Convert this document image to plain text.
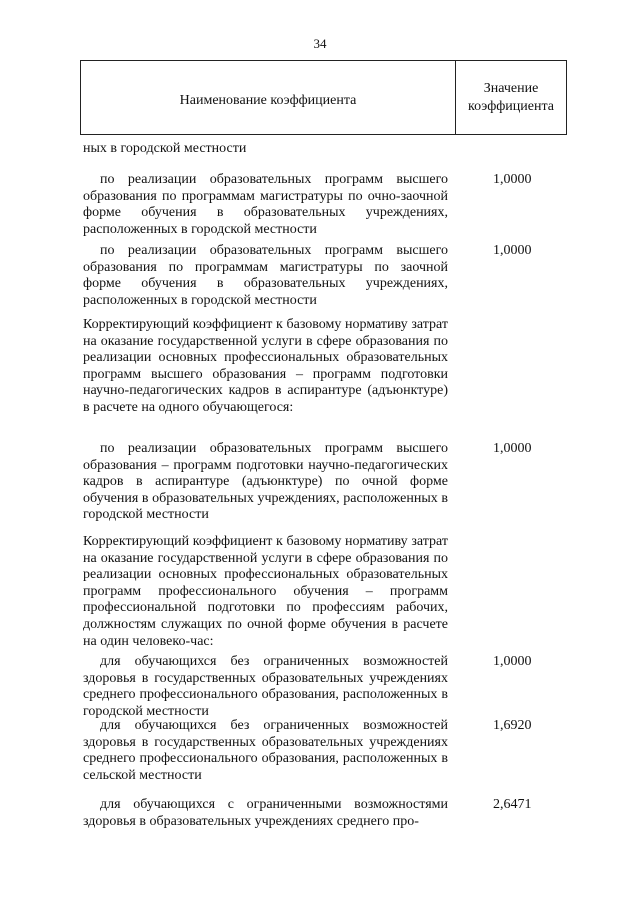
34
Наименование коэффициента
Значение
коэффициента
ных в городской местности
по реализации образовательных программ высшего образования по программам магистратуры по очно-заочной форме обучения в образовательных учреждениях, расположенных в городской местности
1,0000
по реализации образовательных программ высшего образования по программам магистратуры по заочной форме обучения в образовательных учреждениях, расположенных в городской местности
1,0000
Корректирующий коэффициент к базовому нормативу затрат на оказание государственной услуги в сфере образования по реализации основных профессиональных образовательных программ высшего образования – программ подготовки научно-педагогических кадров в аспирантуре (адъюнктуре) в расчете на одного обучающегося:
по реализации образовательных программ высшего образования – программ подготовки научно-педагогических кадров в аспирантуре (адъюнктуре) по очной форме обучения в образовательных учреждениях, расположенных в городской местности
1,0000
Корректирующий коэффициент к базовому нормативу затрат на оказание государственной услуги в сфере образования по реализации основных профессиональных образовательных программ профессионального обучения – программ профессиональной подготовки по профессиям рабочих, должностям служащих по очной форме обучения в расчете на один человеко-час:
для обучающихся без ограниченных возможностей здоровья в государственных образовательных учреждениях среднего профессионального образования, расположенных в городской местности
1,0000
для обучающихся без ограниченных возможностей здоровья в государственных образовательных учреждениях среднего профессионального образования, расположенных в сельской местности
1,6920
для обучающихся с ограниченными возможностями здоровья в образовательных учреждениях среднего про-
2,6471
